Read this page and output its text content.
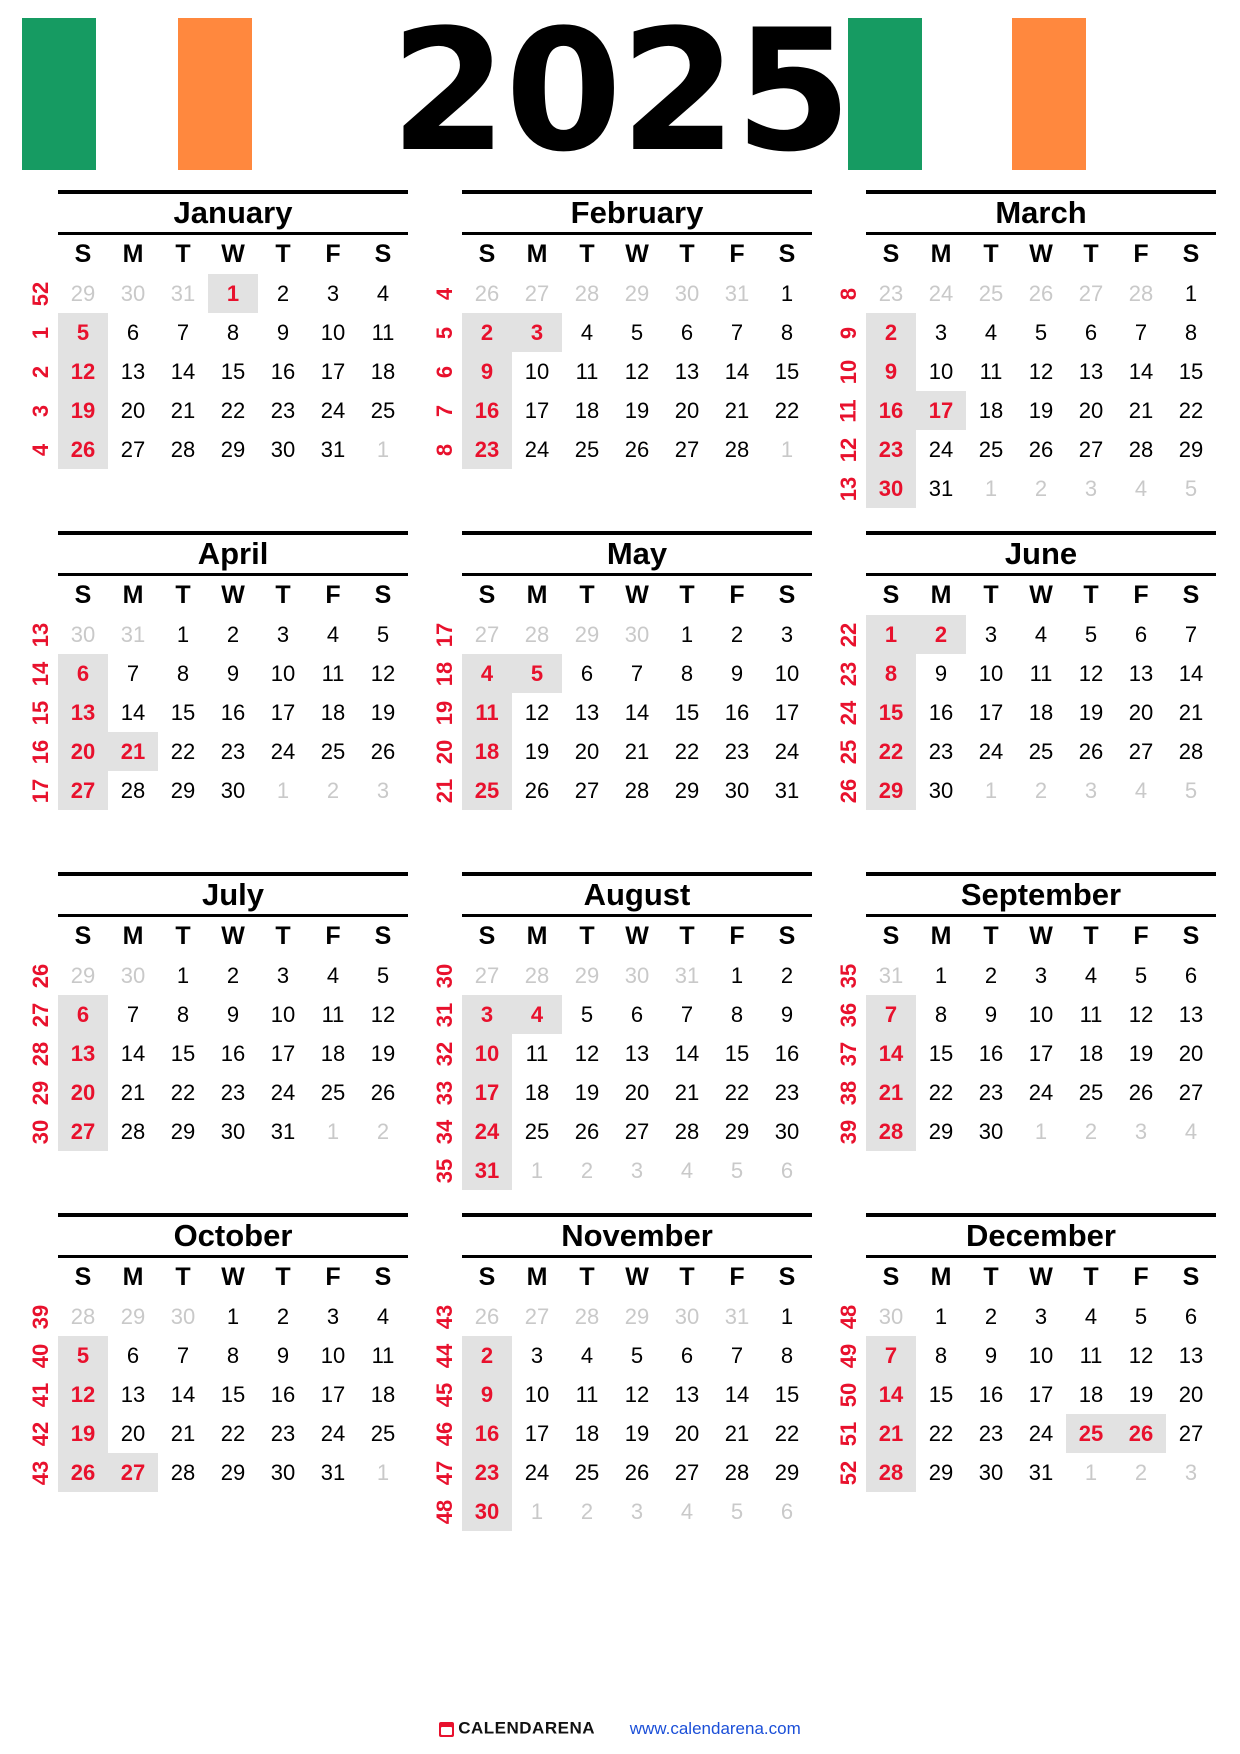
2025
January
	S	M	T	W	T	F	S
52	29	30	31	1	2	3	4
1	5	6	7	8	9	10	11
2	12	13	14	15	16	17	18
3	19	20	21	22	23	24	25
4	26	27	28	29	30	31	1
February
	S	M	T	W	T	F	S
4	26	27	28	29	30	31	1
5	2	3	4	5	6	7	8
6	9	10	11	12	13	14	15
7	16	17	18	19	20	21	22
8	23	24	25	26	27	28	1
March
	S	M	T	W	T	F	S
8	23	24	25	26	27	28	1
9	2	3	4	5	6	7	8
10	9	10	11	12	13	14	15
11	16	17	18	19	20	21	22
12	23	24	25	26	27	28	29
13	30	31	1	2	3	4	5
April
	S	M	T	W	T	F	S
13	30	31	1	2	3	4	5
14	6	7	8	9	10	11	12
15	13	14	15	16	17	18	19
16	20	21	22	23	24	25	26
17	27	28	29	30	1	2	3
May
	S	M	T	W	T	F	S
17	27	28	29	30	1	2	3
18	4	5	6	7	8	9	10
19	11	12	13	14	15	16	17
20	18	19	20	21	22	23	24
21	25	26	27	28	29	30	31
June
	S	M	T	W	T	F	S
22	1	2	3	4	5	6	7
23	8	9	10	11	12	13	14
24	15	16	17	18	19	20	21
25	22	23	24	25	26	27	28
26	29	30	1	2	3	4	5
July
	S	M	T	W	T	F	S
26	29	30	1	2	3	4	5
27	6	7	8	9	10	11	12
28	13	14	15	16	17	18	19
29	20	21	22	23	24	25	26
30	27	28	29	30	31	1	2
August
	S	M	T	W	T	F	S
30	27	28	29	30	31	1	2
31	3	4	5	6	7	8	9
32	10	11	12	13	14	15	16
33	17	18	19	20	21	22	23
34	24	25	26	27	28	29	30
35	31	1	2	3	4	5	6
September
	S	M	T	W	T	F	S
35	31	1	2	3	4	5	6
36	7	8	9	10	11	12	13
37	14	15	16	17	18	19	20
38	21	22	23	24	25	26	27
39	28	29	30	1	2	3	4
October
	S	M	T	W	T	F	S
39	28	29	30	1	2	3	4
40	5	6	7	8	9	10	11
41	12	13	14	15	16	17	18
42	19	20	21	22	23	24	25
43	26	27	28	29	30	31	1
November
	S	M	T	W	T	F	S
43	26	27	28	29	30	31	1
44	2	3	4	5	6	7	8
45	9	10	11	12	13	14	15
46	16	17	18	19	20	21	22
47	23	24	25	26	27	28	29
48	30	1	2	3	4	5	6
December
	S	M	T	W	T	F	S
48	30	1	2	3	4	5	6
49	7	8	9	10	11	12	13
50	14	15	16	17	18	19	20
51	21	22	23	24	25	26	27
52	28	29	30	31	1	2	3
CALENDARENA www.calendarena.com
